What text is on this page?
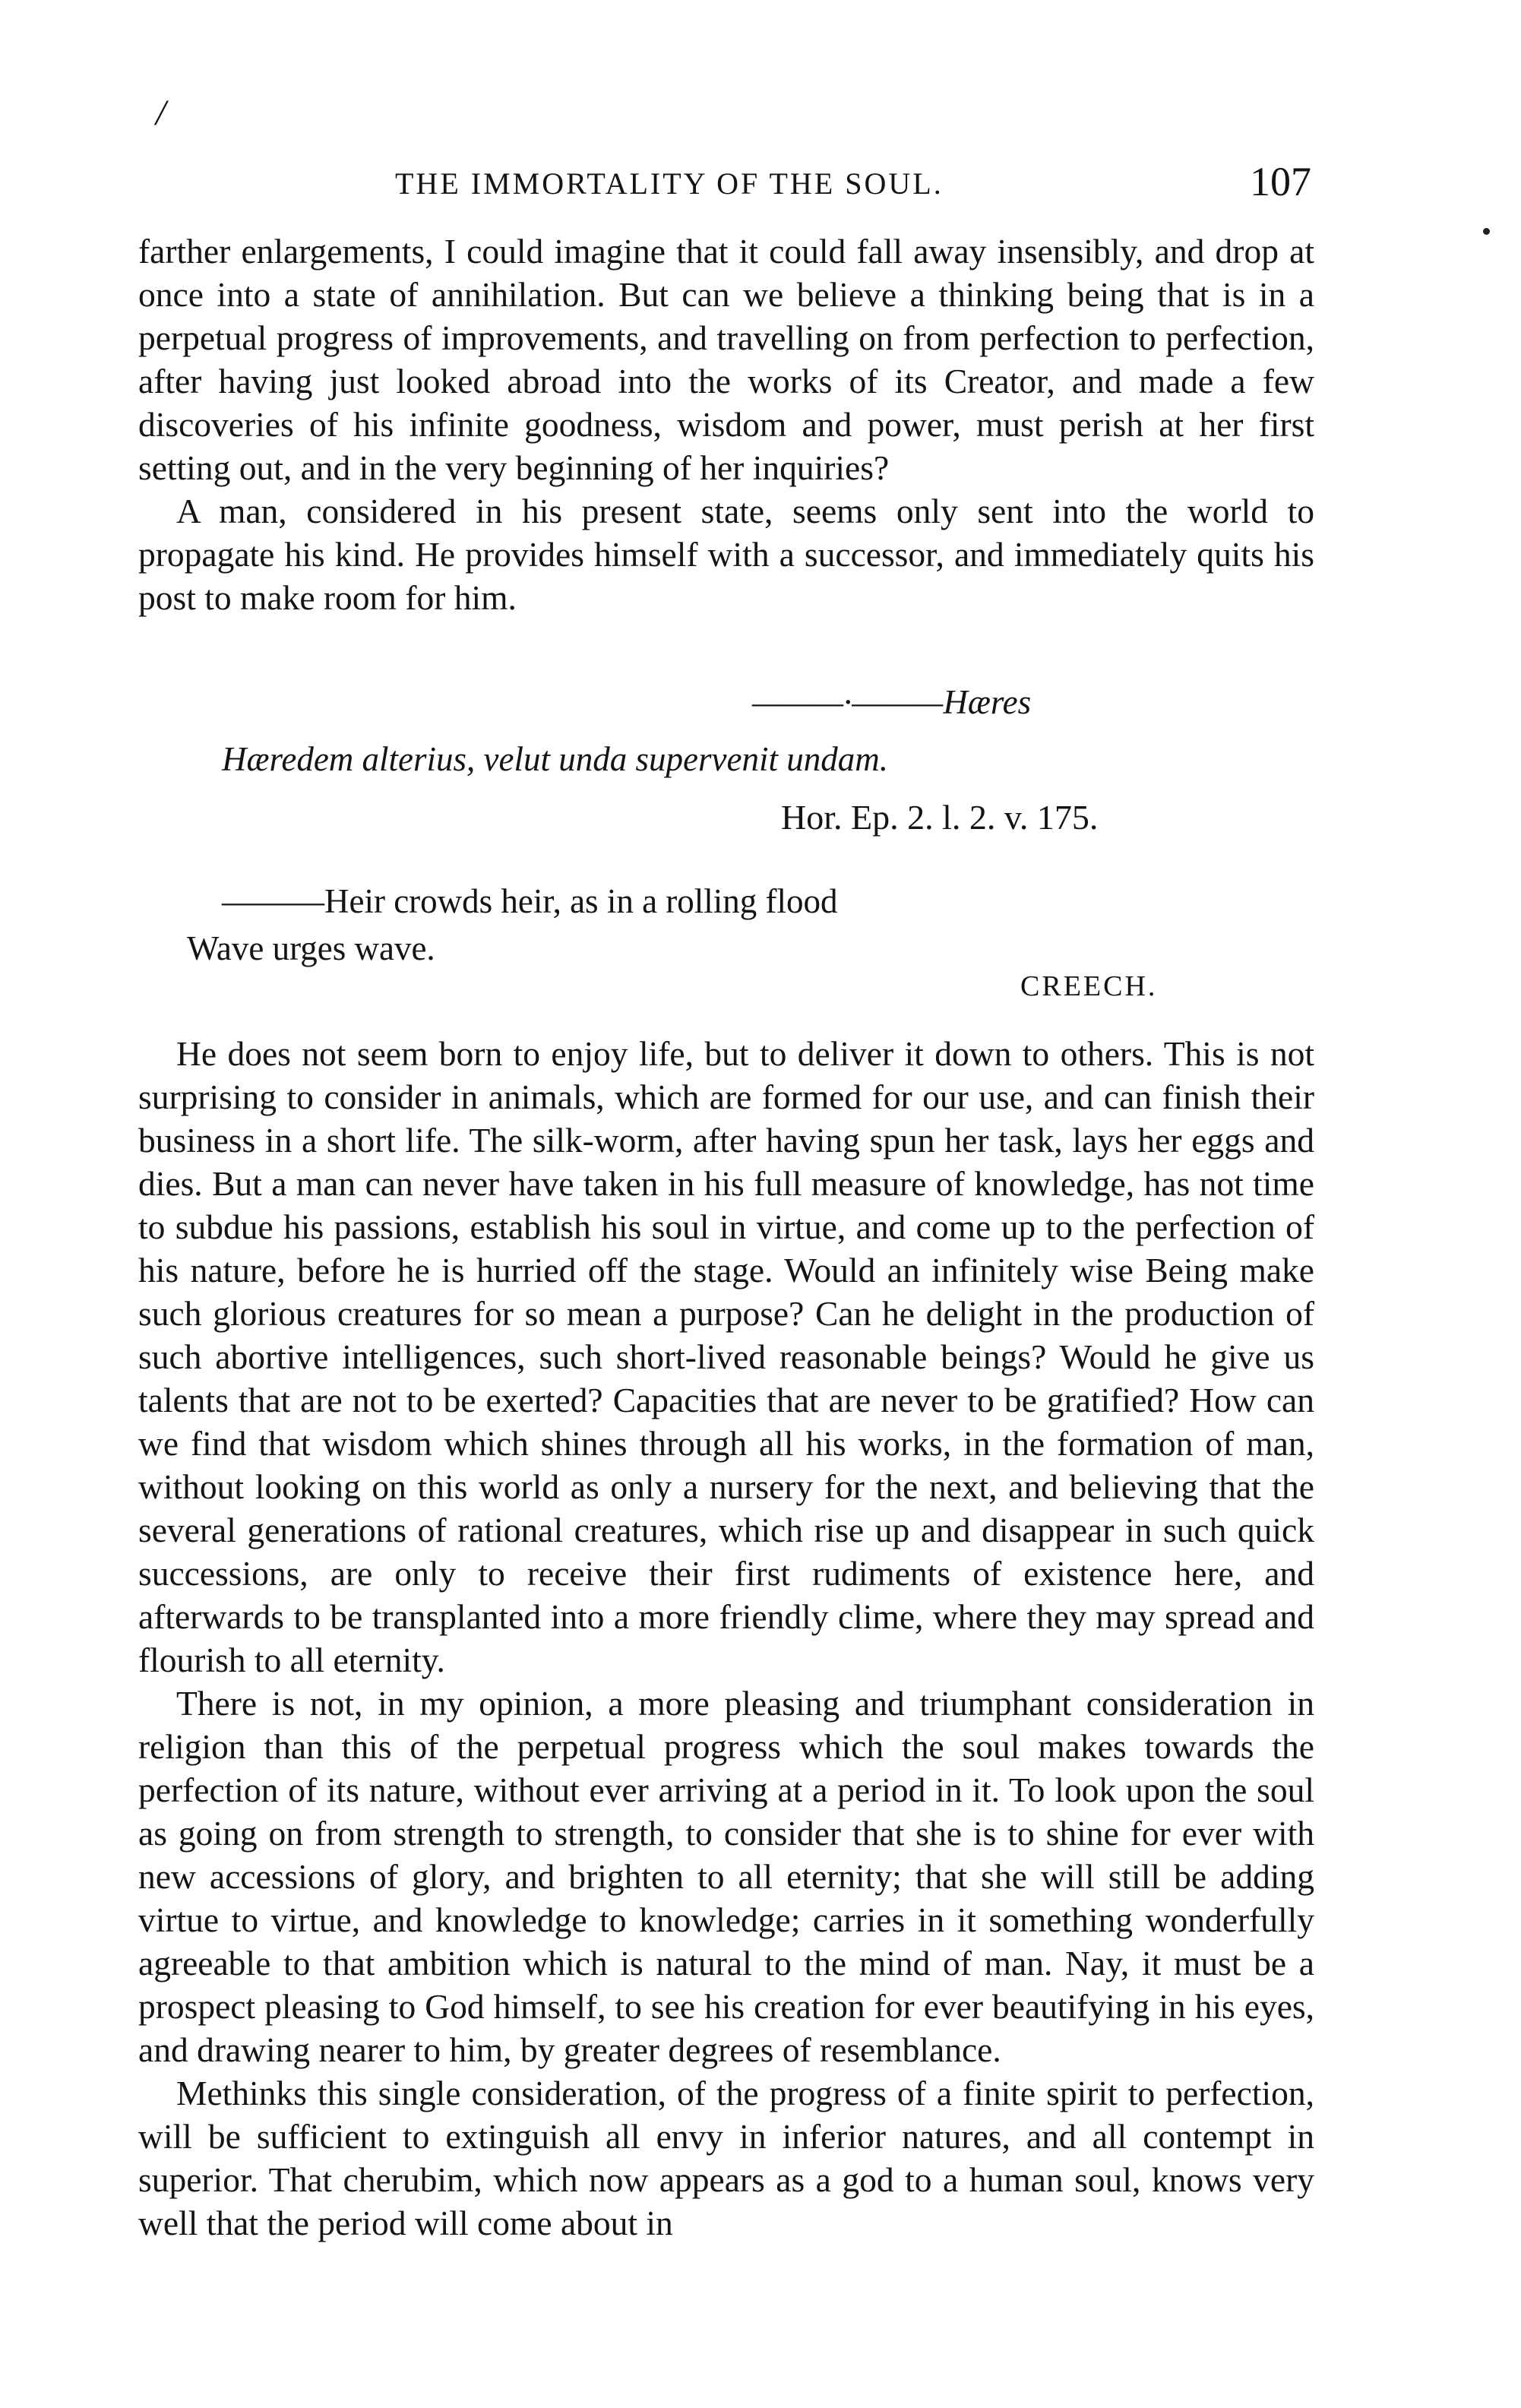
/
THE IMMORTALITY OF THE SOUL.	107

farther enlargements, I could imagine that it could fall away insensibly, and drop at once into a state of annihilation. But can we believe a thinking being that is in a perpetual progress of improvements, and travelling on from perfection to perfection, after having just looked abroad into the works of its Creator, and made a few discoveries of his infinite goodness, wisdom and power, must perish at her first setting out, and in the very beginning of her inquiries?

A man, considered in his present state, seems only sent into the world to propagate his kind. He provides himself with a successor, and immediately quits his post to make room for him.

———·———Hæres
Hæredem alterius, velut unda supervenit undam.
Hor. Ep. 2. l. 2. v. 175.
———Heir crowds heir, as in a rolling flood
Wave urges wave.
CREECH.

He does not seem born to enjoy life, but to deliver it down to others. This is not surprising to consider in animals, which are formed for our use, and can finish their business in a short life. The silk-worm, after having spun her task, lays her eggs and dies. But a man can never have taken in his full measure of knowledge, has not time to subdue his passions, establish his soul in virtue, and come up to the perfection of his nature, before he is hurried off the stage. Would an infinitely wise Being make such glorious creatures for so mean a purpose? Can he delight in the production of such abortive intelligences, such short-lived reasonable beings? Would he give us talents that are not to be exerted? Capacities that are never to be gratified? How can we find that wisdom which shines through all his works, in the formation of man, without looking on this world as only a nursery for the next, and believing that the several generations of rational creatures, which rise up and disappear in such quick successions, are only to receive their first rudiments of existence here, and afterwards to be transplanted into a more friendly clime, where they may spread and flourish to all eternity.

There is not, in my opinion, a more pleasing and triumphant consideration in religion than this of the perpetual progress which the soul makes towards the perfection of its nature, without ever arriving at a period in it. To look upon the soul as going on from strength to strength, to consider that she is to shine for ever with new accessions of glory, and brighten to all eternity; that she will still be adding virtue to virtue, and knowledge to knowledge; carries in it something wonderfully agreeable to that ambition which is natural to the mind of man. Nay, it must be a prospect pleasing to God himself, to see his creation for ever beautifying in his eyes, and drawing nearer to him, by greater degrees of resemblance.

Methinks this single consideration, of the progress of a finite spirit to perfection, will be sufficient to extinguish all envy in inferior natures, and all contempt in superior. That cherubim, which now appears as a god to a human soul, knows very well that the period will come about in
